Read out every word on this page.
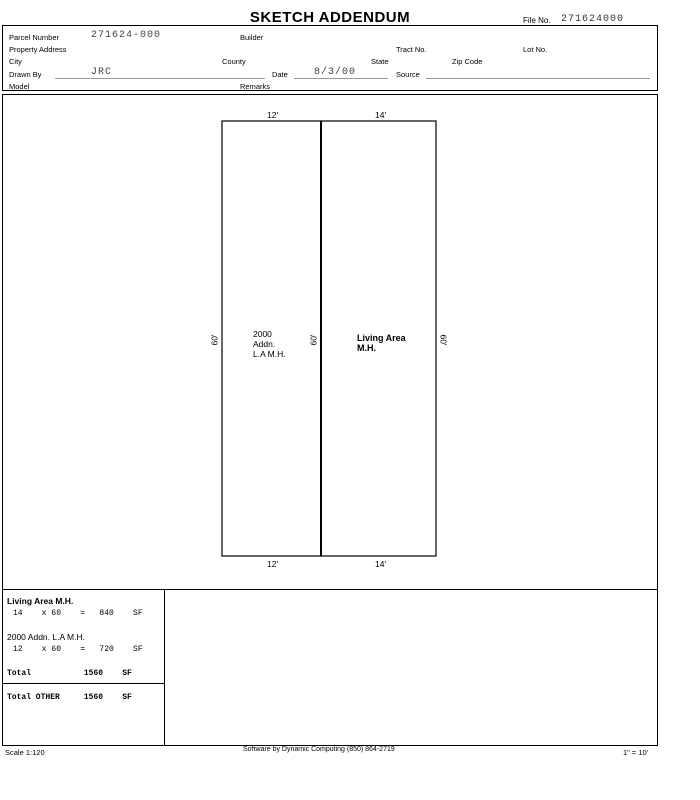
SKETCH ADDENDUM	File No. 271624000
Parcel Number	271624-000	Builder
Property Address	Tract No.	Lot No.
City	County	State	Zip Code
Drawn By	JRC	Date	8/3/00	Source
Model	Remarks
12'	14'
12'	14'
60'	60'	60'
2000
Addn.
L.A M.H.
Living Area
M.H.
Living Area M.H.
14    x 60    =   840    SF
2000 Addn. L.A M.H.
12    x 60    =   720    SF
Total           1560    SF
Total OTHER     1560    SF
Scale 1:120	Software by Dynamic Computing (850) 864-2719	1" = 10'
